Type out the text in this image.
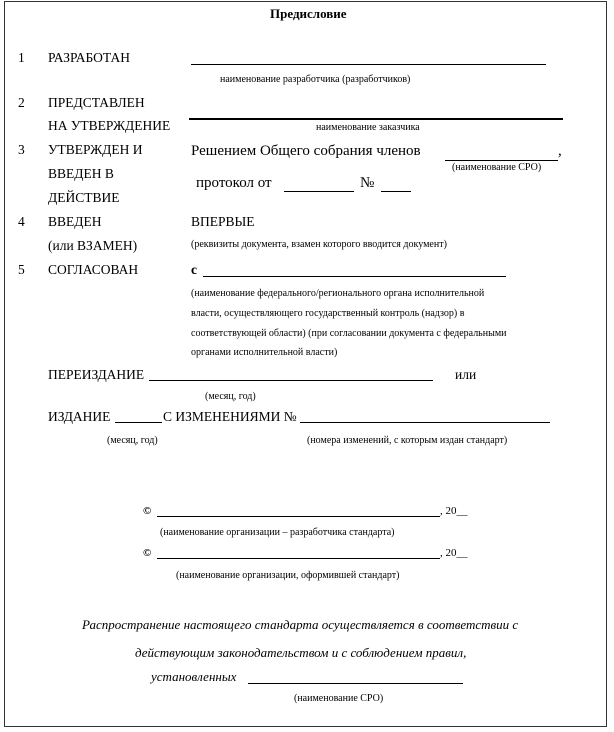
Предисловие
1 РАЗРАБОТАН
наименование разработчика (разработчиков)
2 ПРЕДСТАВЛЕН
НА УТВЕРЖДЕНИЕ	наименование заказчика
3 УТВЕРЖДЕН И
ВВЕДЕН В
ДЕЙСТВИЕ
Решением Общего собрания членов	,
(наименование СРО)
протокол от	№
4 ВВЕДЕН
(или ВЗАМЕН)
ВПЕРВЫЕ
(реквизиты документа, взамен которого вводится документ)
5 СОГЛАСОВАН	с
(наименование федерального/регионального органа исполнительной
власти, осуществляющего государственный контроль (надзор) в
соответствующей области) (при согласовании документа с федеральными
органами исполнительной власти)
ПЕРЕИЗДАНИЕ	или
(месяц, год)
ИЗДАНИЕ	С ИЗМЕНЕНИЯМИ №
(месяц, год)	(номера изменений, с которым издан стандарт)
©	, 20__
(наименование организации – разработчика стандарта)
©	, 20__
(наименование организации, оформившей стандарт)
Распространение настоящего стандарта осуществляется в соответствии с
действующим законодательством и с соблюдением правил,
установленных
(наименование СРО)
